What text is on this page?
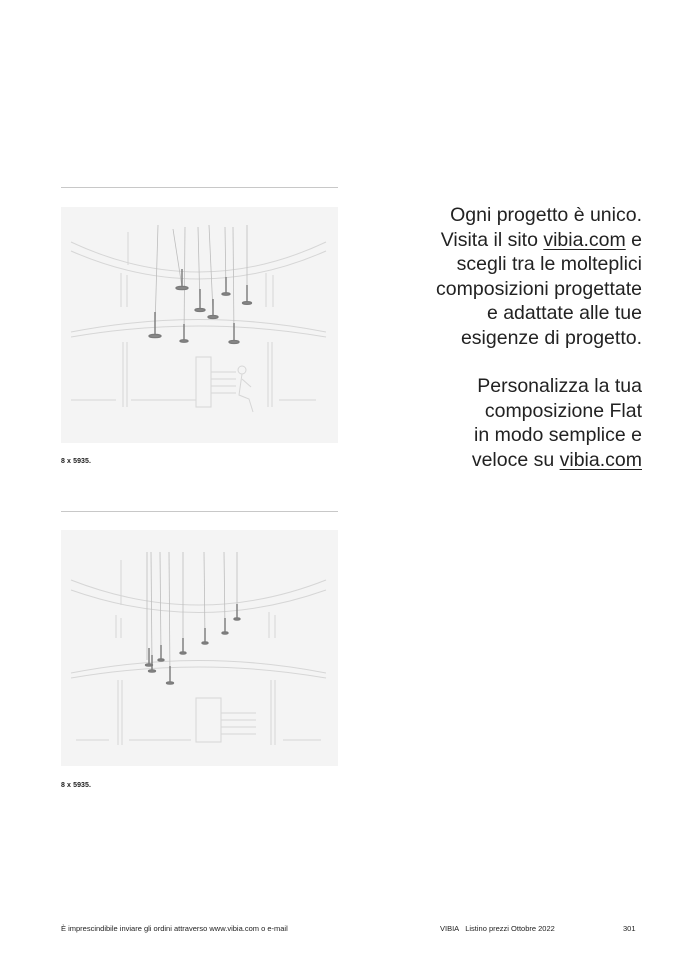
8 x 5935.
8 x 5935.

Ogni progetto è unico.
Visita il sito vibia.com e
scegli tra le molteplici
composizioni progettate
e adattate alle tue
esigenze di progetto.

Personalizza la tua
composizione Flat
in modo semplice e
veloce su vibia.com

È imprescindibile inviare gli ordini attraverso www.vibia.com o e-mail	VIBIA Listino prezzi Ottobre 2022	301
